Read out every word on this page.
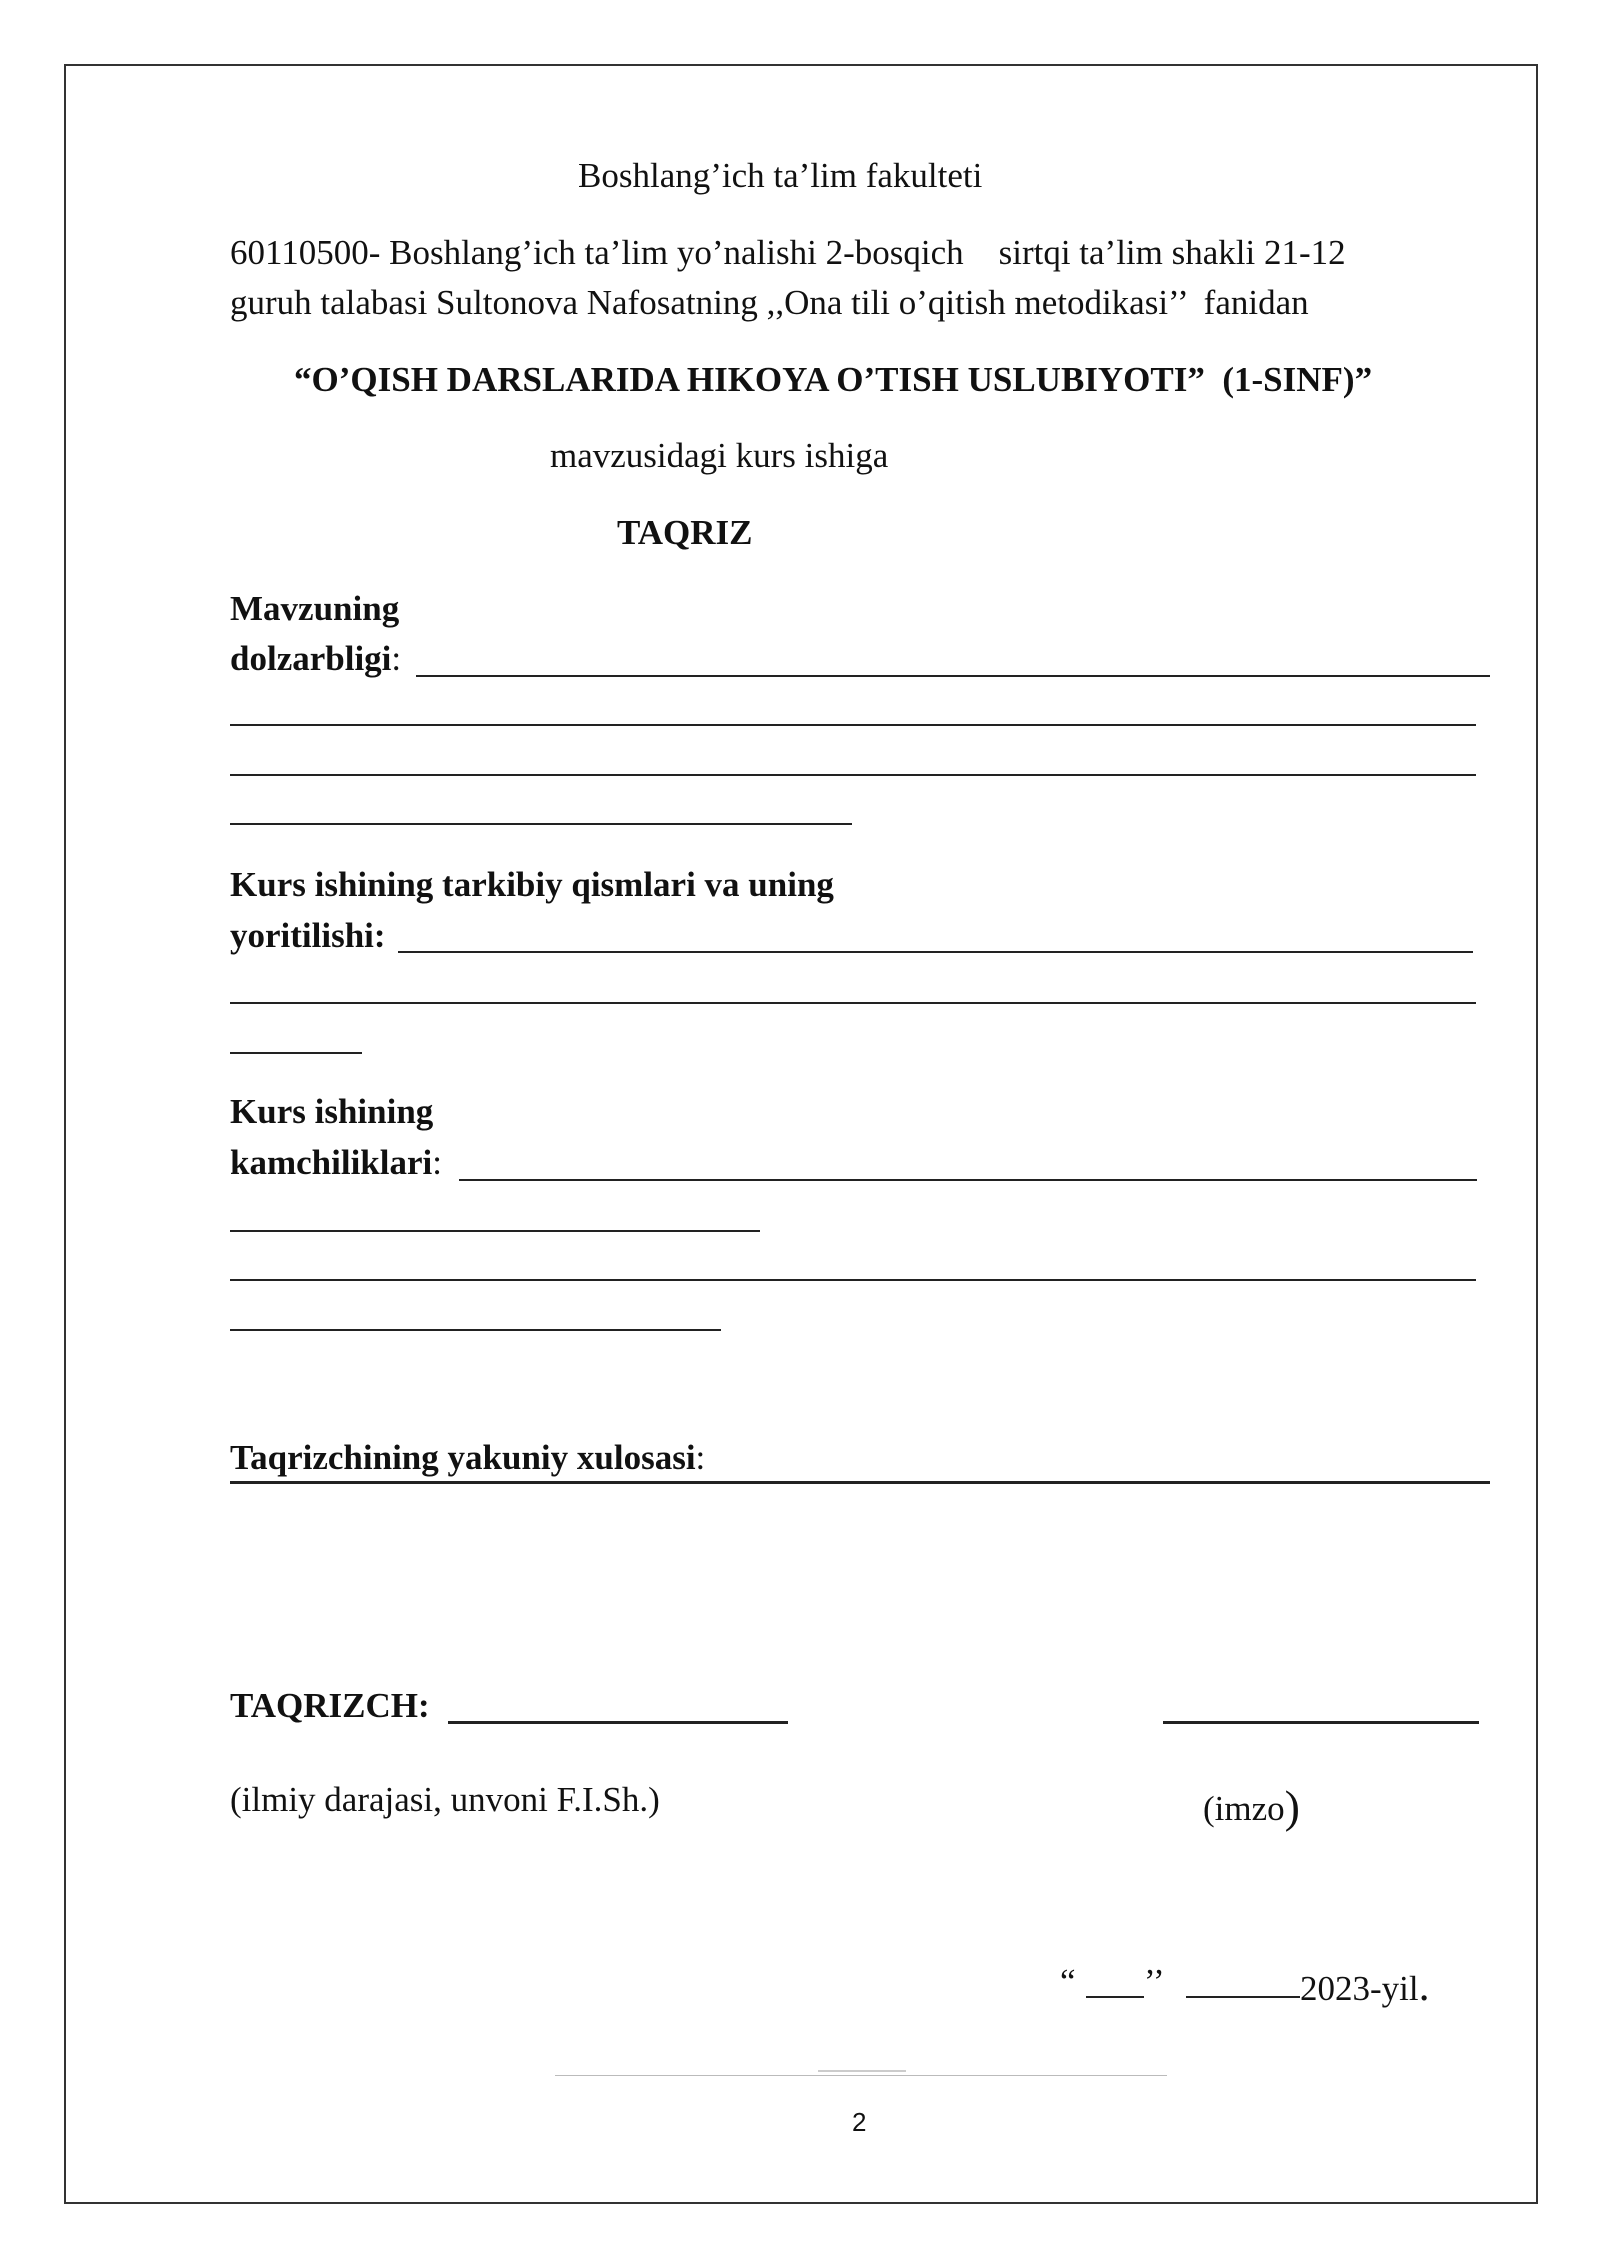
Boshlang’ich ta’lim fakulteti
60110500- Boshlang’ich ta’lim yo’nalishi 2-bosqich    sirtqi ta’lim shakli 21-12
guruh talabasi Sultonova Nafosatning ,,Ona tili o’qitish metodikasi’’  fanidan
“O’QISH DARSLARIDA HIKOYA O’TISH USLUBIYOTI”  (1-SINF)”
mavzusidagi kurs ishiga
TAQRIZ
Mavzuning
dolzarbligi:
Kurs ishining tarkibiy qismlari va uning
yoritilishi:
Kurs ishining
kamchiliklari:
Taqrizchining yakuniy xulosasi:
TAQRIZCH:
(ilmiy darajasi, unvoni F.I.Sh.)	(imzo)
“ ’’	2023-yil.
2
